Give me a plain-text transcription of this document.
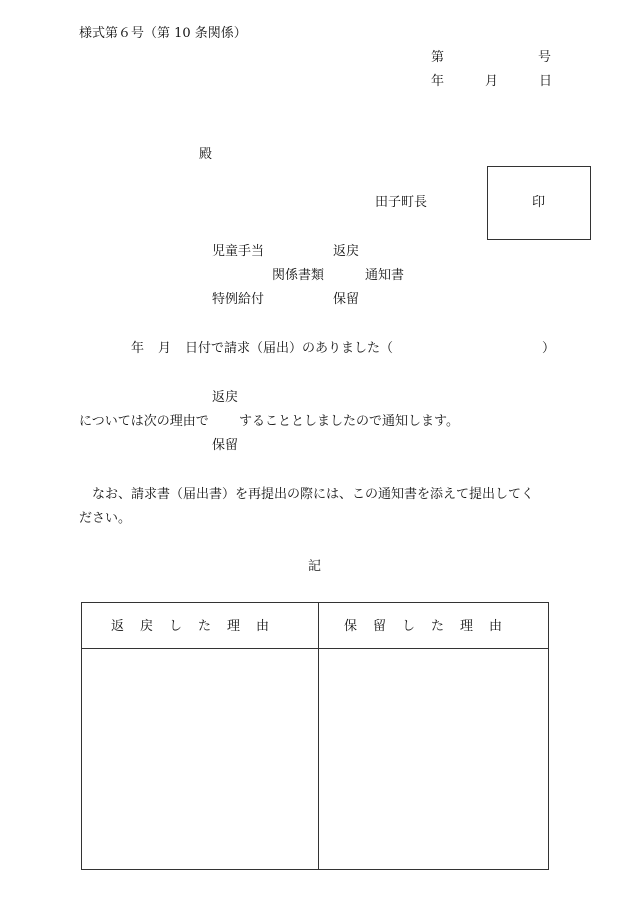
様式第６号（第 10 条関係）
第	号
年	月	日
殿
田子町長	印
児童手当	返戻
関係書類	通知書
特例給付	保留
年 月 日付で請求（届出）のありました（	）
返戻
については次の理由で することとしましたので通知します。
保留
なお、請求書（届出書）を再提出の際には、この通知書を添えて提出してく
ださい。
記
返戻した理由	保留した理由
